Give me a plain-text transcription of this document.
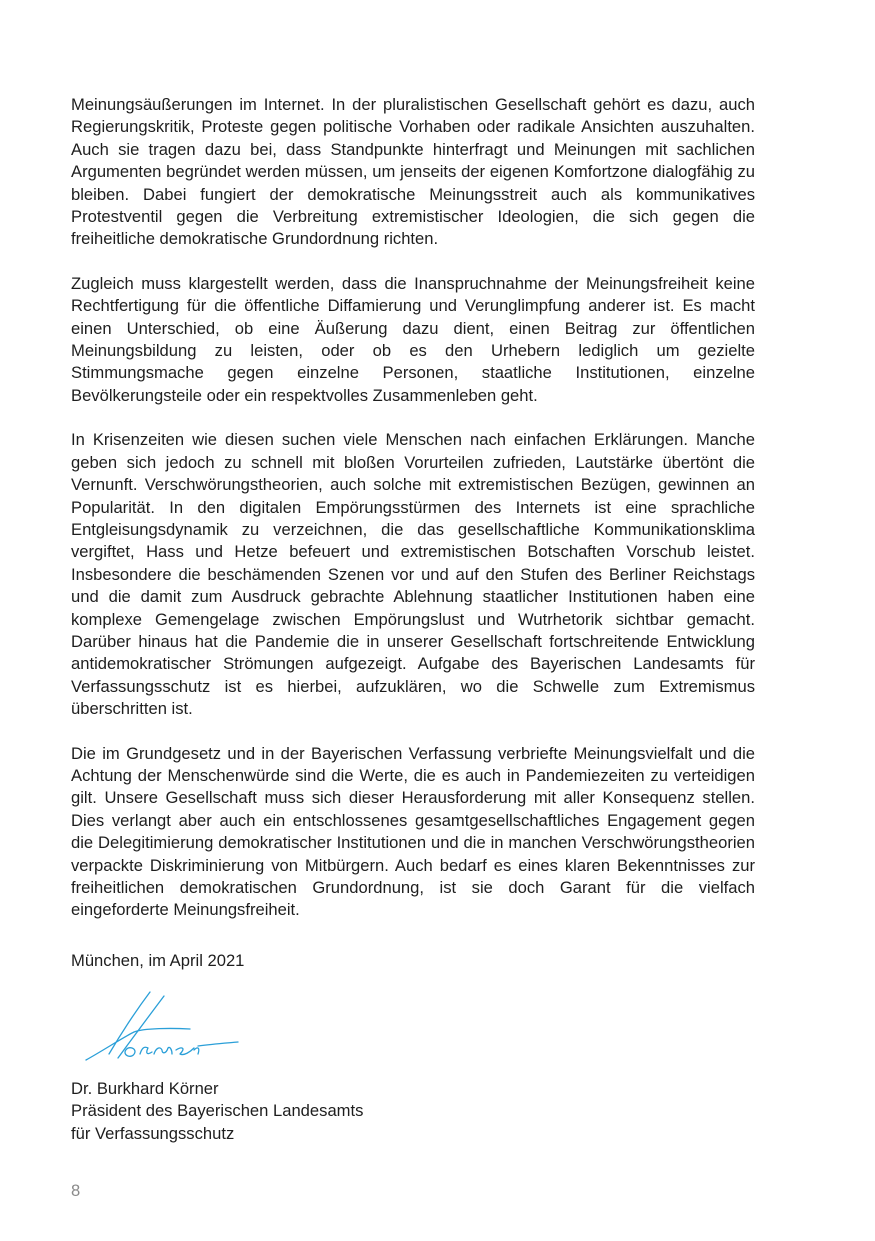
Meinungsäußerungen im Internet. In der pluralistischen Gesellschaft gehört es dazu, auch Regierungskritik, Proteste gegen politische Vorhaben oder radikale Ansichten auszuhalten. Auch sie tragen dazu bei, dass Standpunkte hinterfragt und Meinungen mit sachlichen Argumenten begründet werden müssen, um jenseits der eigenen Komfortzone dialogfähig zu bleiben. Dabei fungiert der demokratische Meinungsstreit auch als kommunikatives Protestventil gegen die Verbreitung extremistischer Ideologien, die sich gegen die freiheitliche demokratische Grundordnung richten.

Zugleich muss klargestellt werden, dass die Inanspruchnahme der Meinungsfreiheit keine Rechtfertigung für die öffentliche Diffamierung und Verunglimpfung anderer ist. Es macht einen Unterschied, ob eine Äußerung dazu dient, einen Beitrag zur öffentlichen Meinungsbildung zu leisten, oder ob es den Urhebern lediglich um gezielte Stimmungsmache gegen einzelne Personen, staatliche Institutionen, einzelne Bevölkerungsteile oder ein respektvolles Zusammenleben geht.

In Krisenzeiten wie diesen suchen viele Menschen nach einfachen Erklärungen. Manche geben sich jedoch zu schnell mit bloßen Vorurteilen zufrieden, Lautstärke übertönt die Vernunft. Verschwörungstheorien, auch solche mit extremistischen Bezügen, gewinnen an Popularität. In den digitalen Empörungsstürmen des Internets ist eine sprachliche Entgleisungsdynamik zu verzeichnen, die das gesellschaftliche Kommunikationsklima vergiftet, Hass und Hetze befeuert und extremistischen Botschaften Vorschub leistet. Insbesondere die beschämenden Szenen vor und auf den Stufen des Berliner Reichstags und die damit zum Ausdruck gebrachte Ablehnung staatlicher Institutionen haben eine komplexe Gemengelage zwischen Empörungslust und Wutrhetorik sichtbar gemacht. Darüber hinaus hat die Pandemie die in unserer Gesellschaft fortschreitende Entwicklung antidemokratischer Strömungen aufgezeigt. Aufgabe des Bayerischen Landesamts für Verfassungsschutz ist es hierbei, aufzuklären, wo die Schwelle zum Extremismus überschritten ist.

Die im Grundgesetz und in der Bayerischen Verfassung verbriefte Meinungsvielfalt und die Achtung der Menschenwürde sind die Werte, die es auch in Pandemiezeiten zu verteidigen gilt. Unsere Gesellschaft muss sich dieser Herausforderung mit aller Konsequenz stellen. Dies verlangt aber auch ein entschlossenes gesamtgesellschaftliches Engagement gegen die Delegitimierung demokratischer Institutionen und die in manchen Verschwörungstheorien verpackte Diskriminierung von Mitbürgern. Auch bedarf es eines klaren Bekenntnisses zur freiheitlichen demokratischen Grundordnung, ist sie doch Garant für die vielfach eingeforderte Meinungsfreiheit.

München, im April 2021

Dr. Burkhard Körner
Präsident des Bayerischen Landesamts
für Verfassungsschutz
8
